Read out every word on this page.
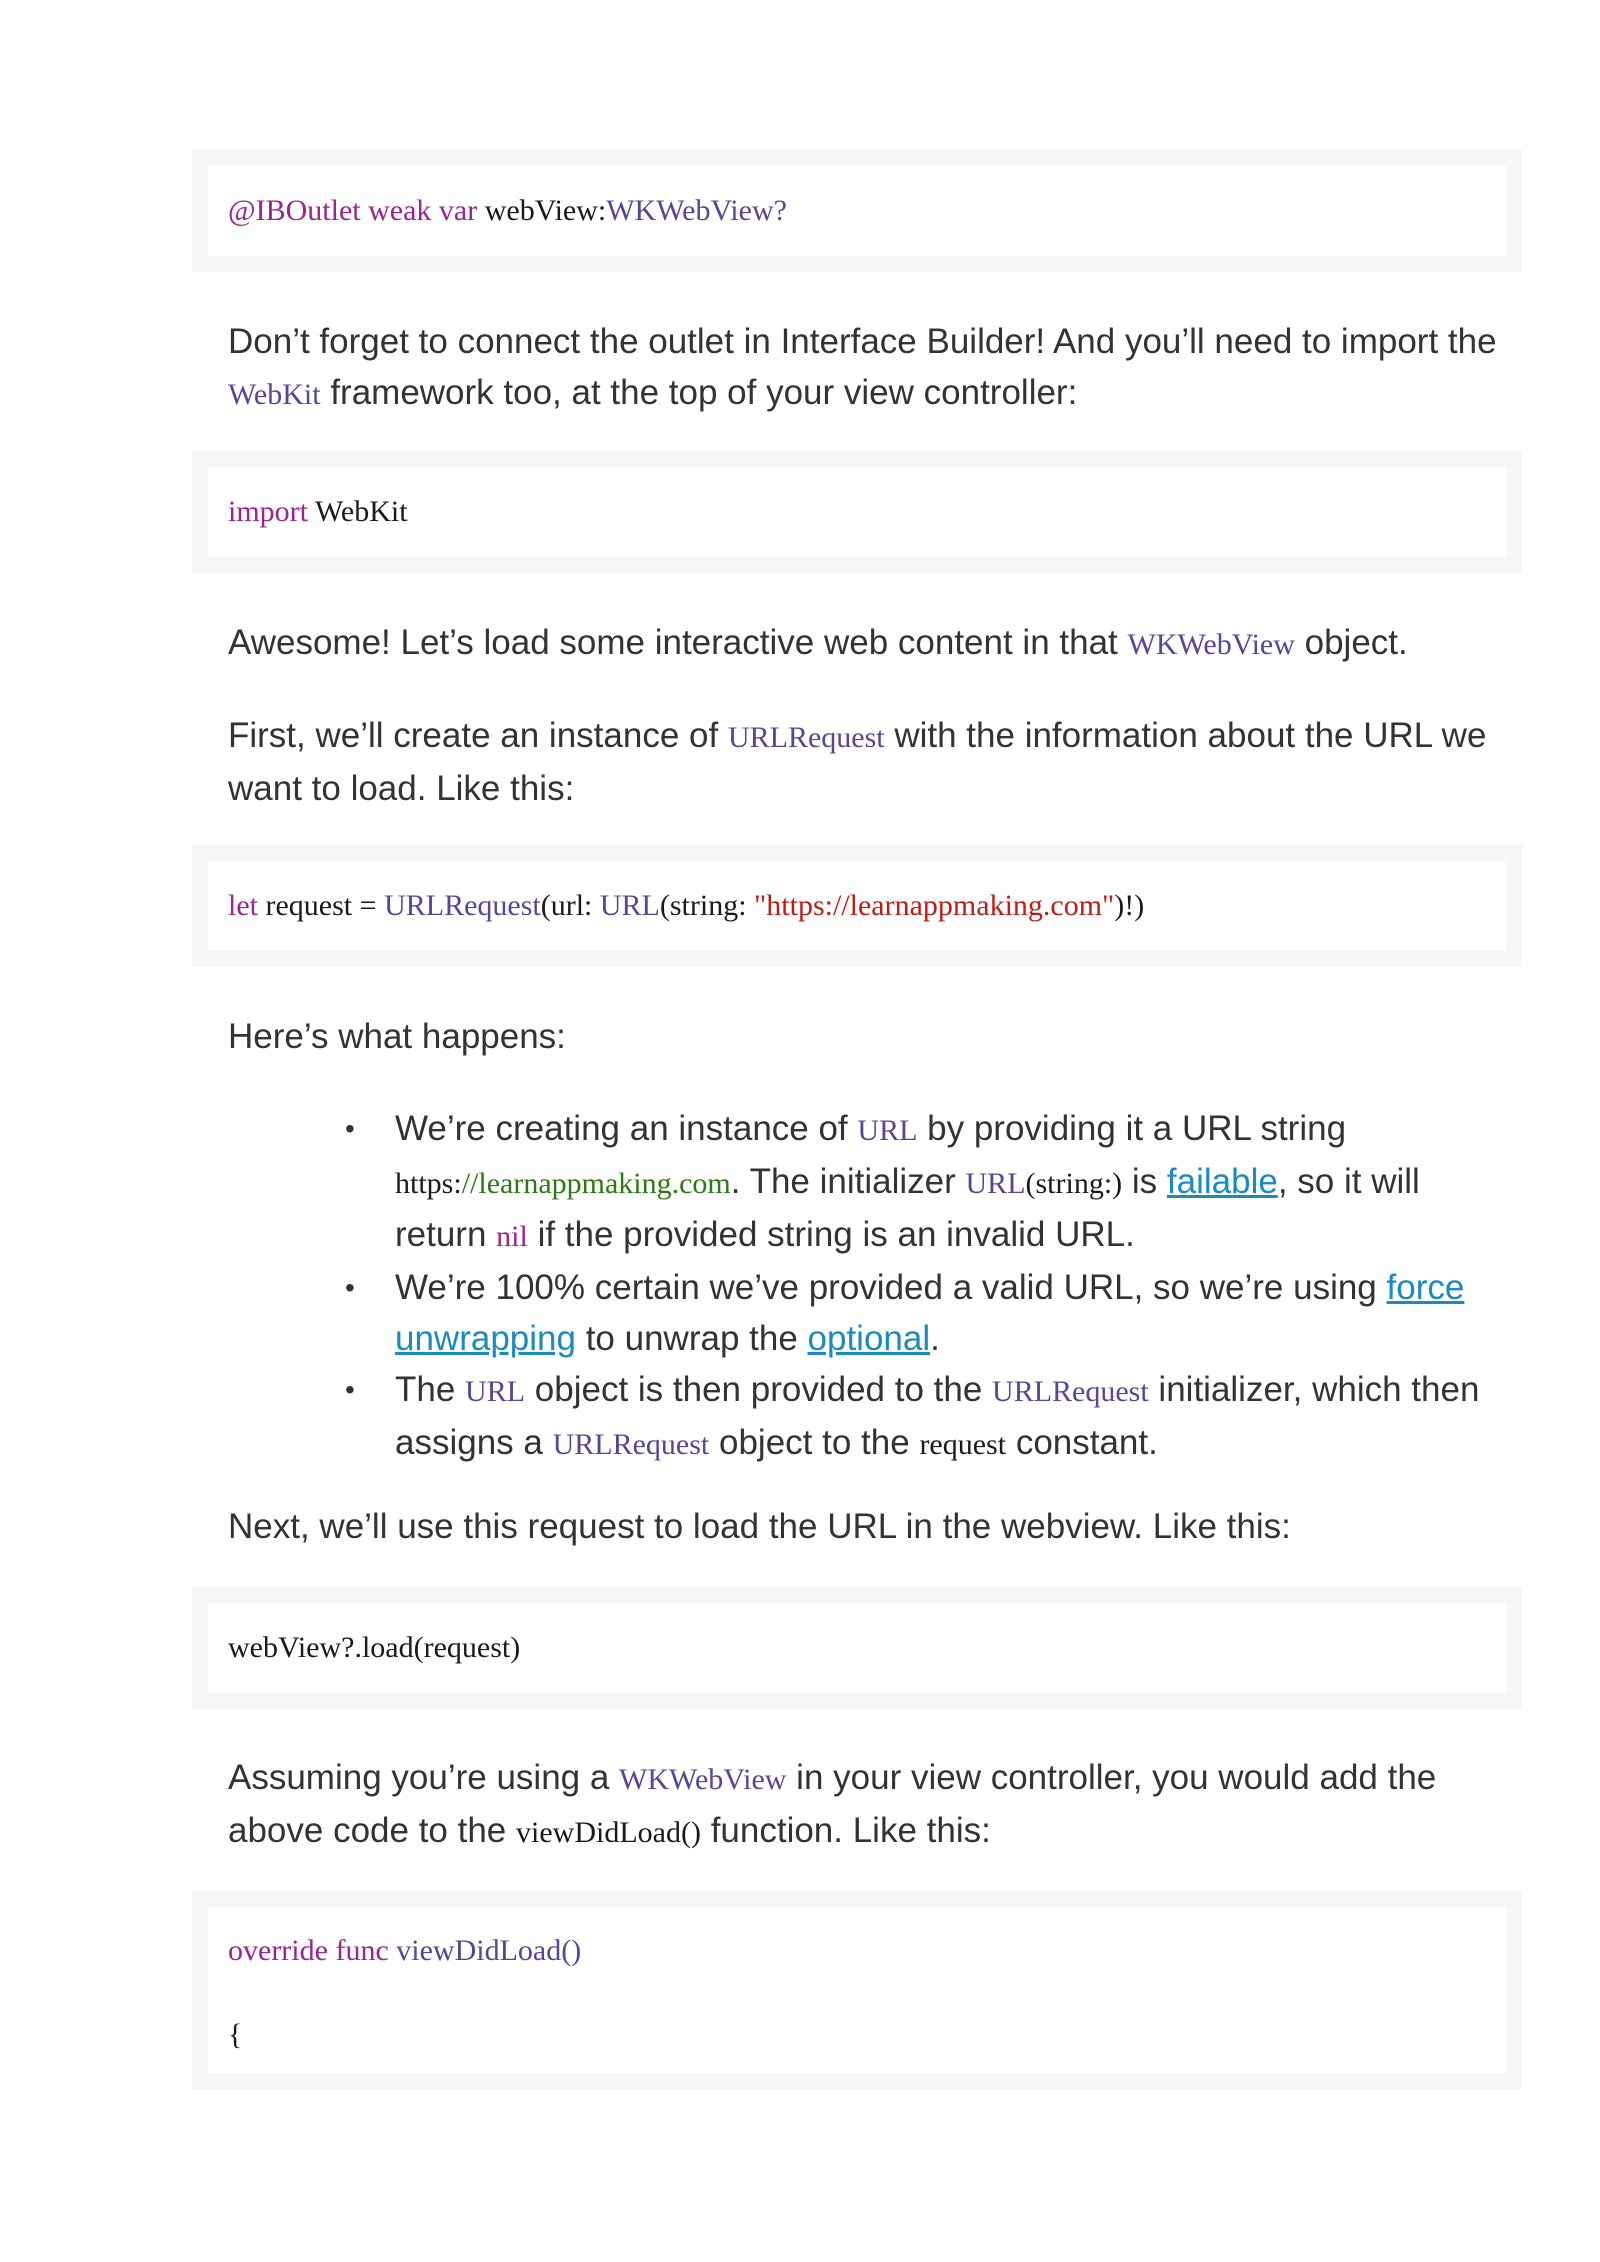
@IBOutlet weak var webView:WKWebView?

Don’t forget to connect the outlet in Interface Builder! And you’ll need to import the WebKit framework too, at the top of your view controller:

import WebKit

Awesome! Let’s load some interactive web content in that WKWebView object.

First, we’ll create an instance of URLRequest with the information about the URL we want to load. Like this:

let request = URLRequest(url: URL(string: "https://learnappmaking.com")!)

Here’s what happens:

• We’re creating an instance of URL by providing it a URL string https://learnappmaking.com. The initializer URL(string:) is failable, so it will return nil if the provided string is an invalid URL.
• We’re 100% certain we’ve provided a valid URL, so we’re using force unwrapping to unwrap the optional.
• The URL object is then provided to the URLRequest initializer, which then assigns a URLRequest object to the request constant.

Next, we’ll use this request to load the URL in the webview. Like this:

webView?.load(request)

Assuming you’re using a WKWebView in your view controller, you would add the above code to the viewDidLoad() function. Like this:

override func viewDidLoad()
{
